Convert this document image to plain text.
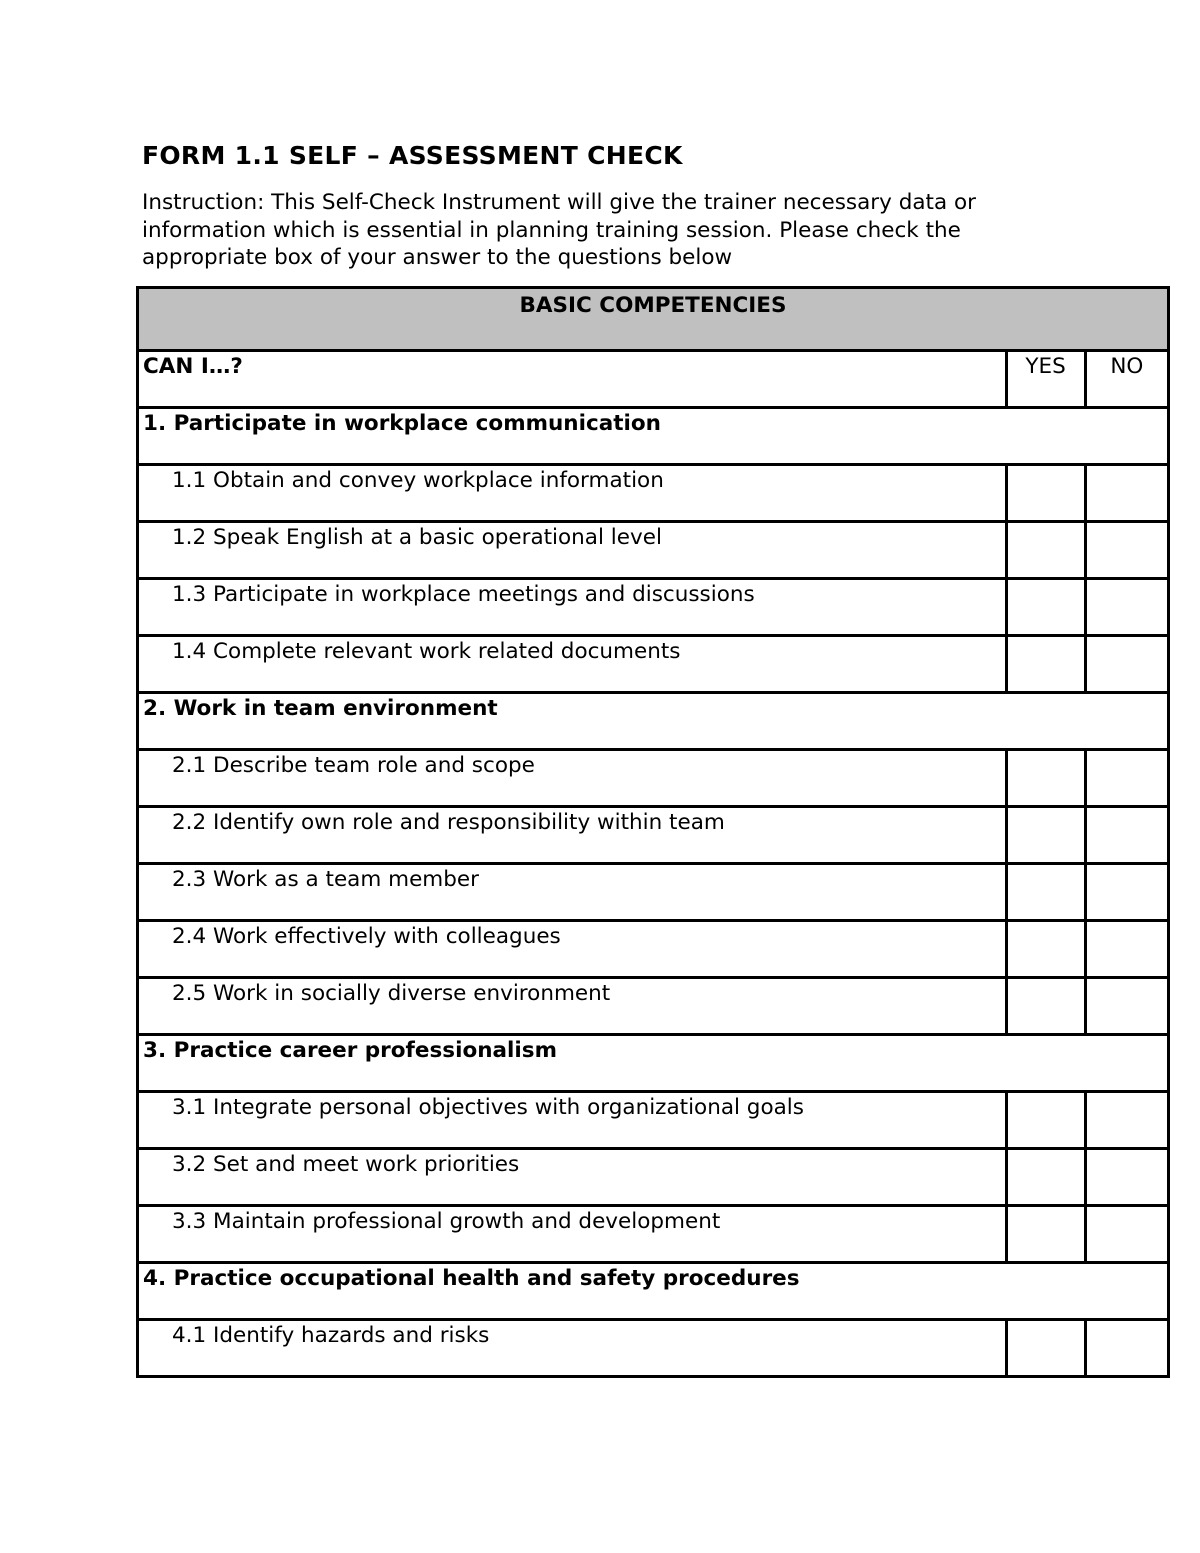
FORM 1.1 SELF – ASSESSMENT CHECK

Instruction: This Self-Check Instrument will give the trainer necessary data or information which is essential in planning training session. Please check the appropriate box of your answer to the questions below

BASIC COMPETENCIES		
CAN I…?	YES	NO
1. Participate in workplace communication		
1.1 Obtain and convey workplace information		
1.2 Speak English at a basic operational level		
1.3 Participate in workplace meetings and discussions		
1.4 Complete relevant work related documents		
2. Work in team environment		
2.1 Describe team role and scope		
2.2 Identify own role and responsibility within team		
2.3 Work as a team member		
2.4 Work effectively with colleagues		
2.5 Work in socially diverse environment		
3. Practice career professionalism		
3.1 Integrate personal objectives with organizational goals		
3.2 Set and meet work priorities		
3.3 Maintain professional growth and development		
4. Practice occupational health and safety procedures		
4.1 Identify hazards and risks		
